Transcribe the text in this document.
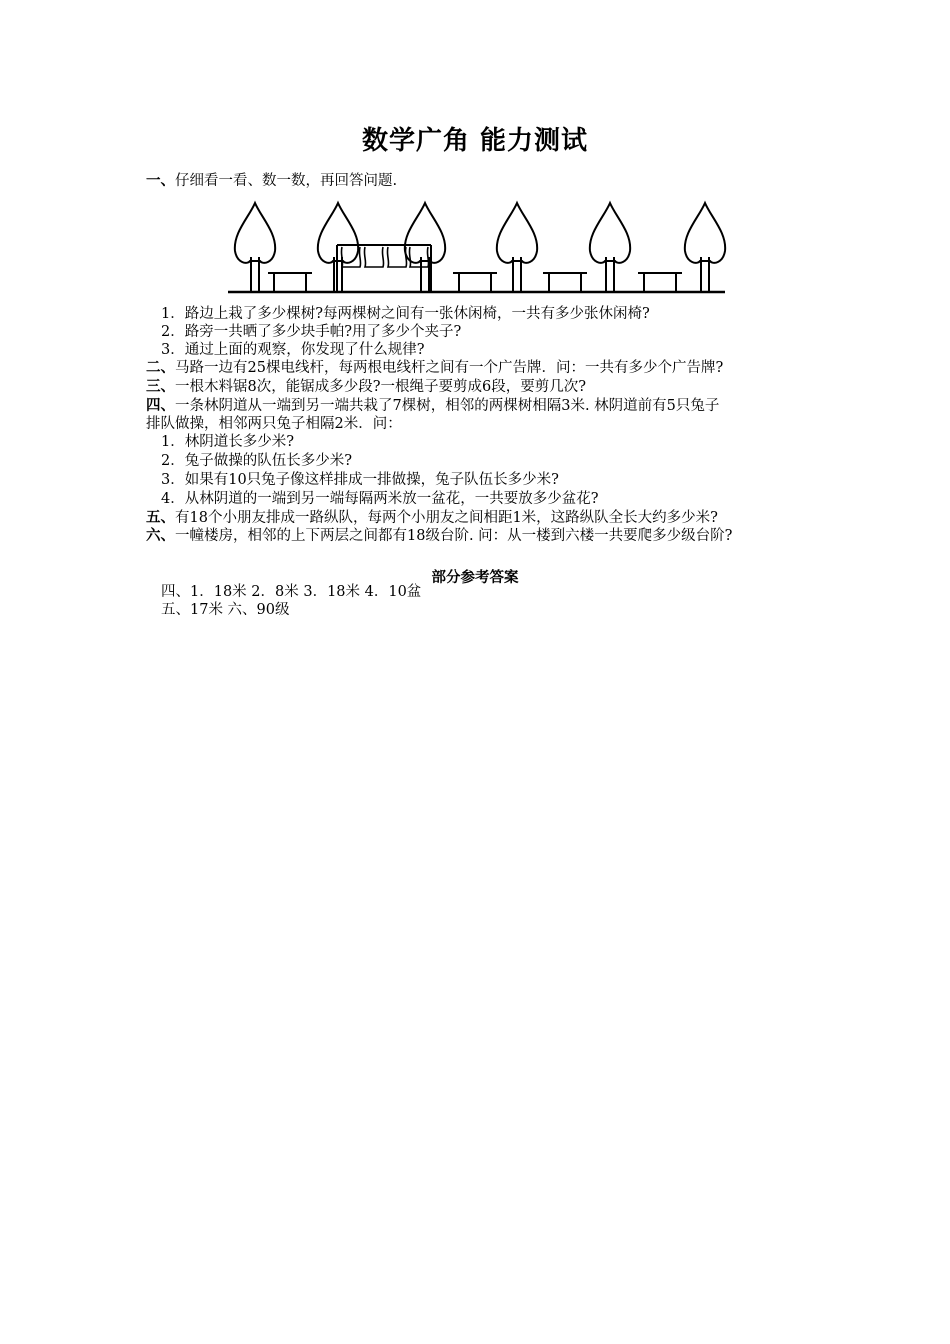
数学广角 能力测试
一、仔细看一看、数一数，再回答问题.
1．路边上栽了多少棵树?每两棵树之间有一张休闲椅，一共有多少张休闲椅?
2．路旁一共晒了多少块手帕?用了多少个夹子?
3．通过上面的观察，你发现了什么规律?
二、马路一边有25棵电线杆，每两根电线杆之间有一个广告牌．问：一共有多少个广告牌?
三、一根木料锯8次，能锯成多少段?一根绳子要剪成6段，要剪几次?
四、一条林阴道从一端到另一端共栽了7棵树，相邻的两棵树相隔3米. 林阴道前有5只兔子
排队做操，相邻两只兔子相隔2米．问：
1．林阴道长多少米?
2．兔子做操的队伍长多少米?
3．如果有10只兔子像这样排成一排做操，兔子队伍长多少米?
4．从林阴道的一端到另一端每隔两米放一盆花，一共要放多少盆花?
五、有18个小朋友排成一路纵队，每两个小朋友之间相距1米，这路纵队全长大约多少米?
六、一幢楼房，相邻的上下两层之间都有18级台阶. 问：从一楼到六楼一共要爬多少级台阶?
部分参考答案
四、1．18米 2．8米 3．18米 4．10盆
五、17米 六、90级
